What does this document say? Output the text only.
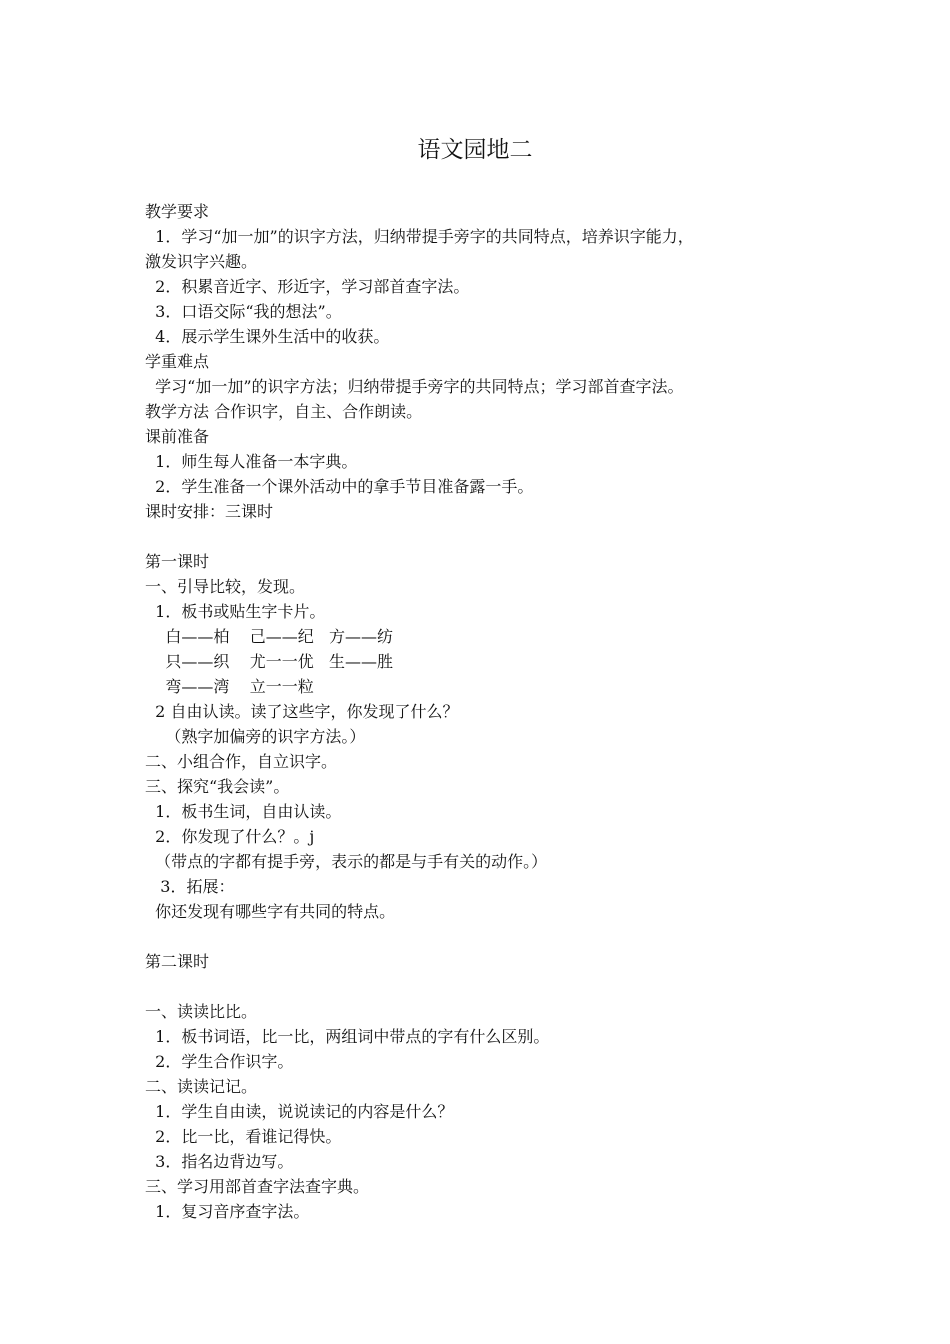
语文园地二
教学要求
1．学习“加一加”的识字方法，归纳带提手旁字的共同特点，培养识字能力，
激发识字兴趣。
2．积累音近字、形近字，学习部首查字法。
3．口语交际“我的想法”。
4．展示学生课外生活中的收获。
学重难点
学习“加一加”的识字方法；归纳带提手旁字的共同特点；学习部首查字法。
教学方法 合作识字，自主、合作朗读。
课前准备
1．师生每人准备一本字典。
2．学生准备一个课外活动中的拿手节目准备露一手。
课时安排：三课时
第一课时
一、引导比较，发现。
1．板书或贴生字卡片。
白——柏    己——纪   方——纺
只——织    尤一一优   生——胜
弯——湾    立一一粒
2 自由认读。读了这些字，你发现了什么？
（熟字加偏旁的识字方法。）
二、小组合作，自立识字。
三、探究“我会读”。
1．板书生词，自由认读。
2．你发现了什么？。j
（带点的字都有提手旁，表示的都是与手有关的动作。）
3．拓展：
你还发现有哪些字有共同的特点。
第二课时
一、读读比比。
1．板书词语，比一比，两组词中带点的字有什么区别。
2．学生合作识字。
二、读读记记。
1．学生自由读，说说读记的内容是什么？
2．比一比，看谁记得快。
3．指名边背边写。
三、学习用部首查字法查字典。
1．复习音序查字法。
